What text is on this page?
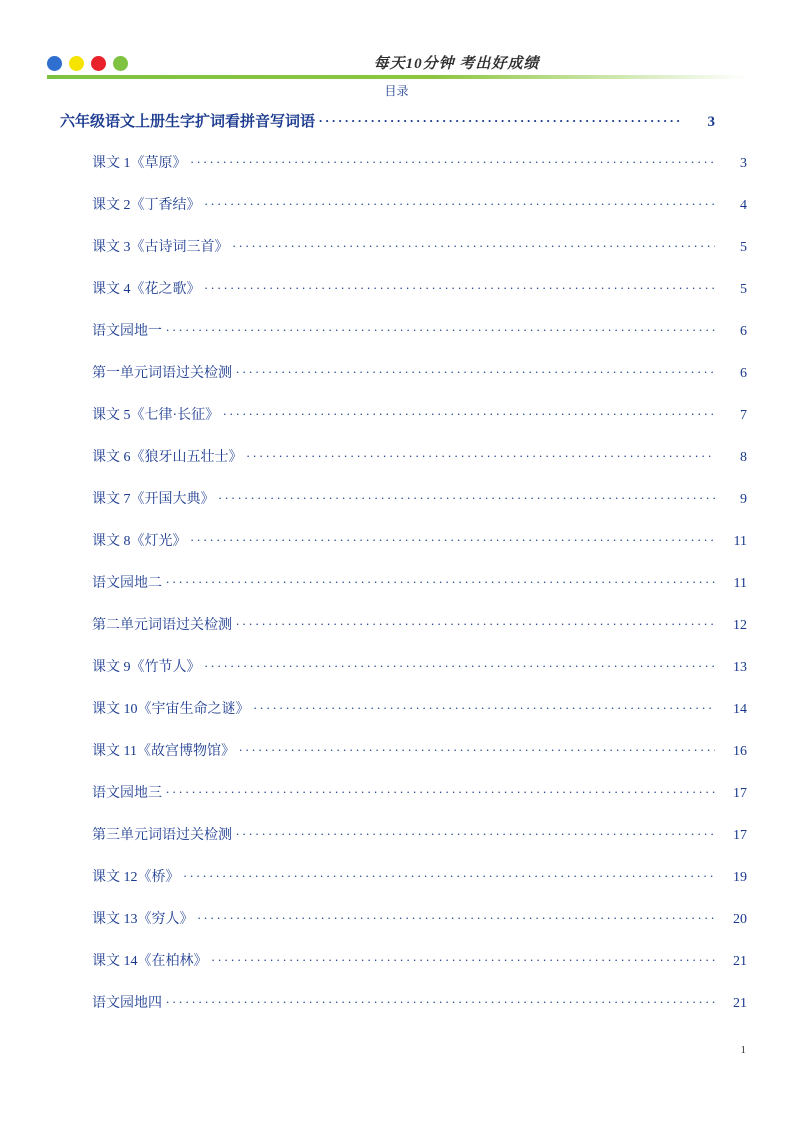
每天10分钟 考出好成绩
目录
六年级语文上册生字扩词看拼音写词语 . . .	3
课文 1《草原》 . . .	3
课文 2《丁香结》 . . .	4
课文 3《古诗词三首》 . . .	5
课文 4《花之歌》 . . .	5
语文园地一 . . .	6
第一单元词语过关检测 . . .	6
课文 5《七律·长征》 . . .	7
课文 6《狼牙山五壮士》 . . .	8
课文 7《开国大典》 . . .	9
课文 8《灯光》 . . .	11
语文园地二 . . .	11
第二单元词语过关检测 . . .	12
课文 9《竹节人》 . . .	13
课文 10《宇宙生命之谜》 . . .	14
课文 11《故宫博物馆》 . . .	16
语文园地三 . . .	17
第三单元词语过关检测 . . .	17
课文 12《桥》 . . .	19
课文 13《穷人》 . . .	20
课文 14《在柏林》 . . .	21
语文园地四 . . .	21
1
